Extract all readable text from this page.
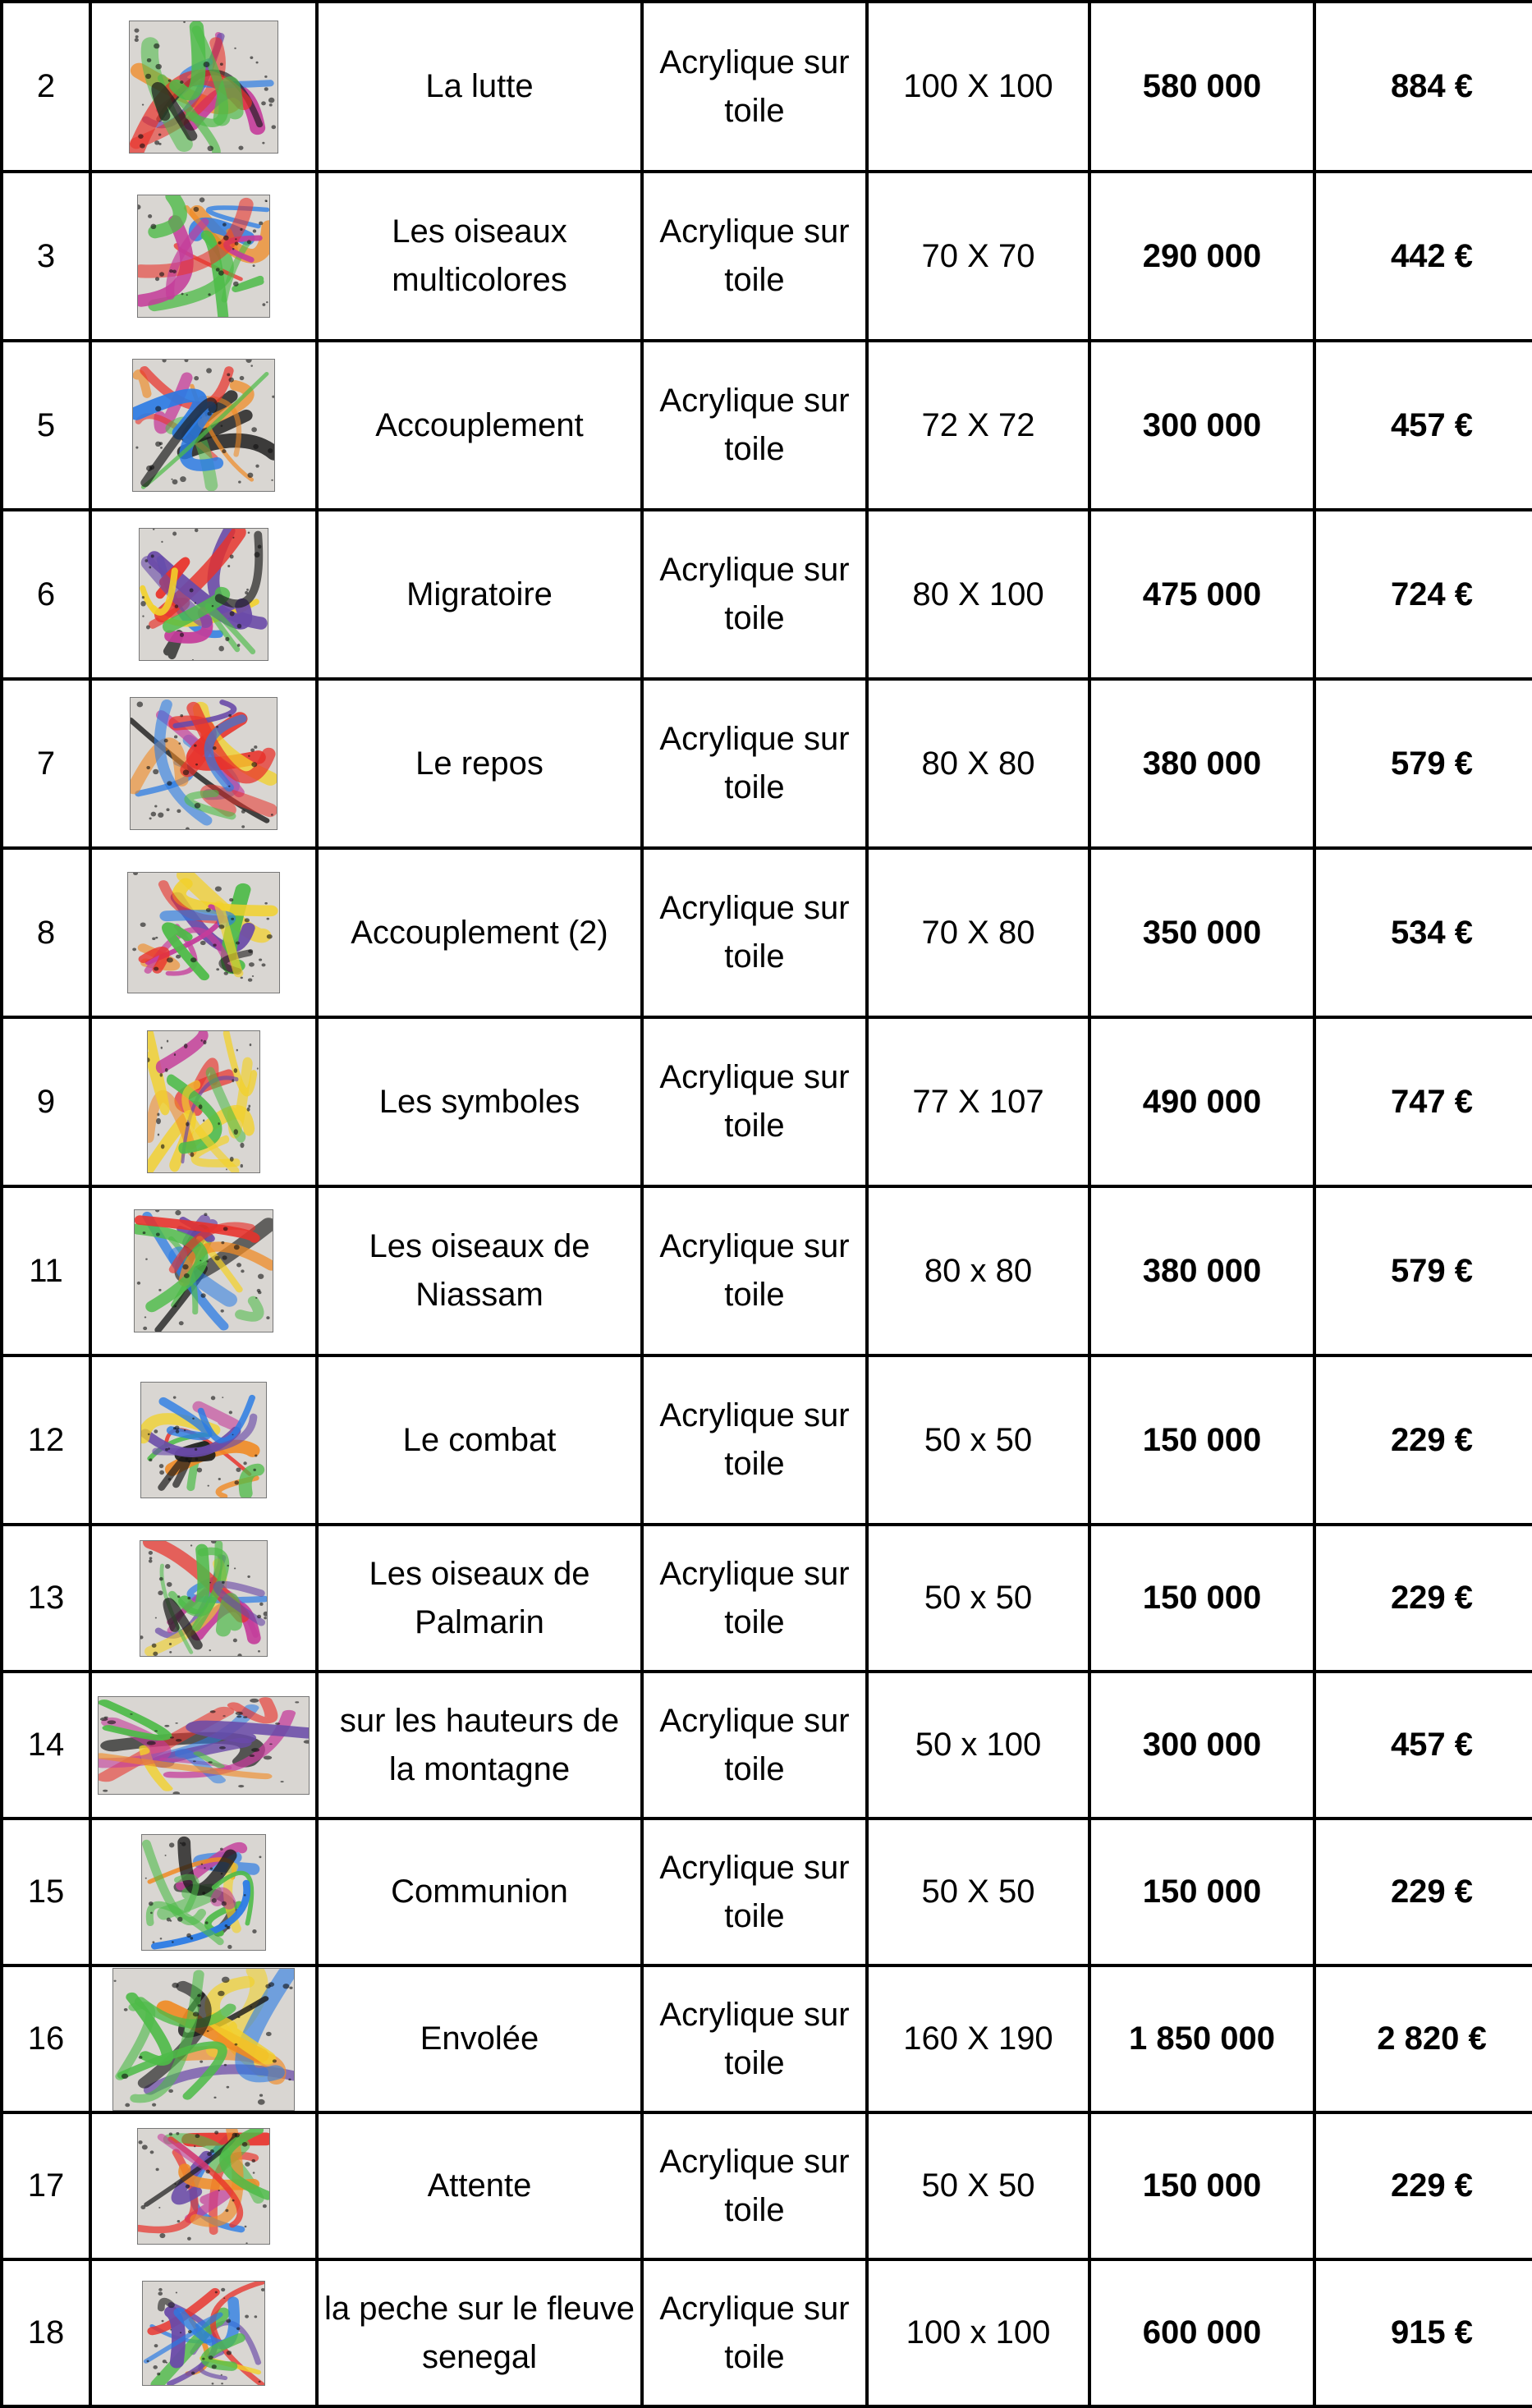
2		La lutte	Acrylique sur toile	100 X 100	580 000	884 €
3		Les oiseaux multicolores	Acrylique sur toile	70 X 70	290 000	442 €
5		Accouplement	Acrylique sur toile	72 X 72	300 000	457 €
6		Migratoire	Acrylique sur toile	80 X 100	475 000	724 €
7		Le repos	Acrylique sur toile	80 X 80	380 000	579 €
8		Accouplement (2)	Acrylique sur toile	70 X 80	350 000	534 €
9		Les symboles	Acrylique sur toile	77 X 107	490 000	747 €
11		Les oiseaux de Niassam	Acrylique sur toile	80 x 80	380 000	579 €
12		Le combat	Acrylique sur toile	50 x 50	150 000	229 €
13		Les oiseaux de Palmarin	Acrylique sur toile	50 x 50	150 000	229 €
14		sur les hauteurs de la montagne	Acrylique sur toile	50 x 100	300 000	457 €
15		Communion	Acrylique sur toile	50 X 50	150 000	229 €
16		Envolée	Acrylique sur toile	160 X 190	1 850 000	2 820 €
17		Attente	Acrylique sur toile	50 X 50	150 000	229 €
18		la peche sur le fleuve senegal	Acrylique sur toile	100 x 100	600 000	915 €
